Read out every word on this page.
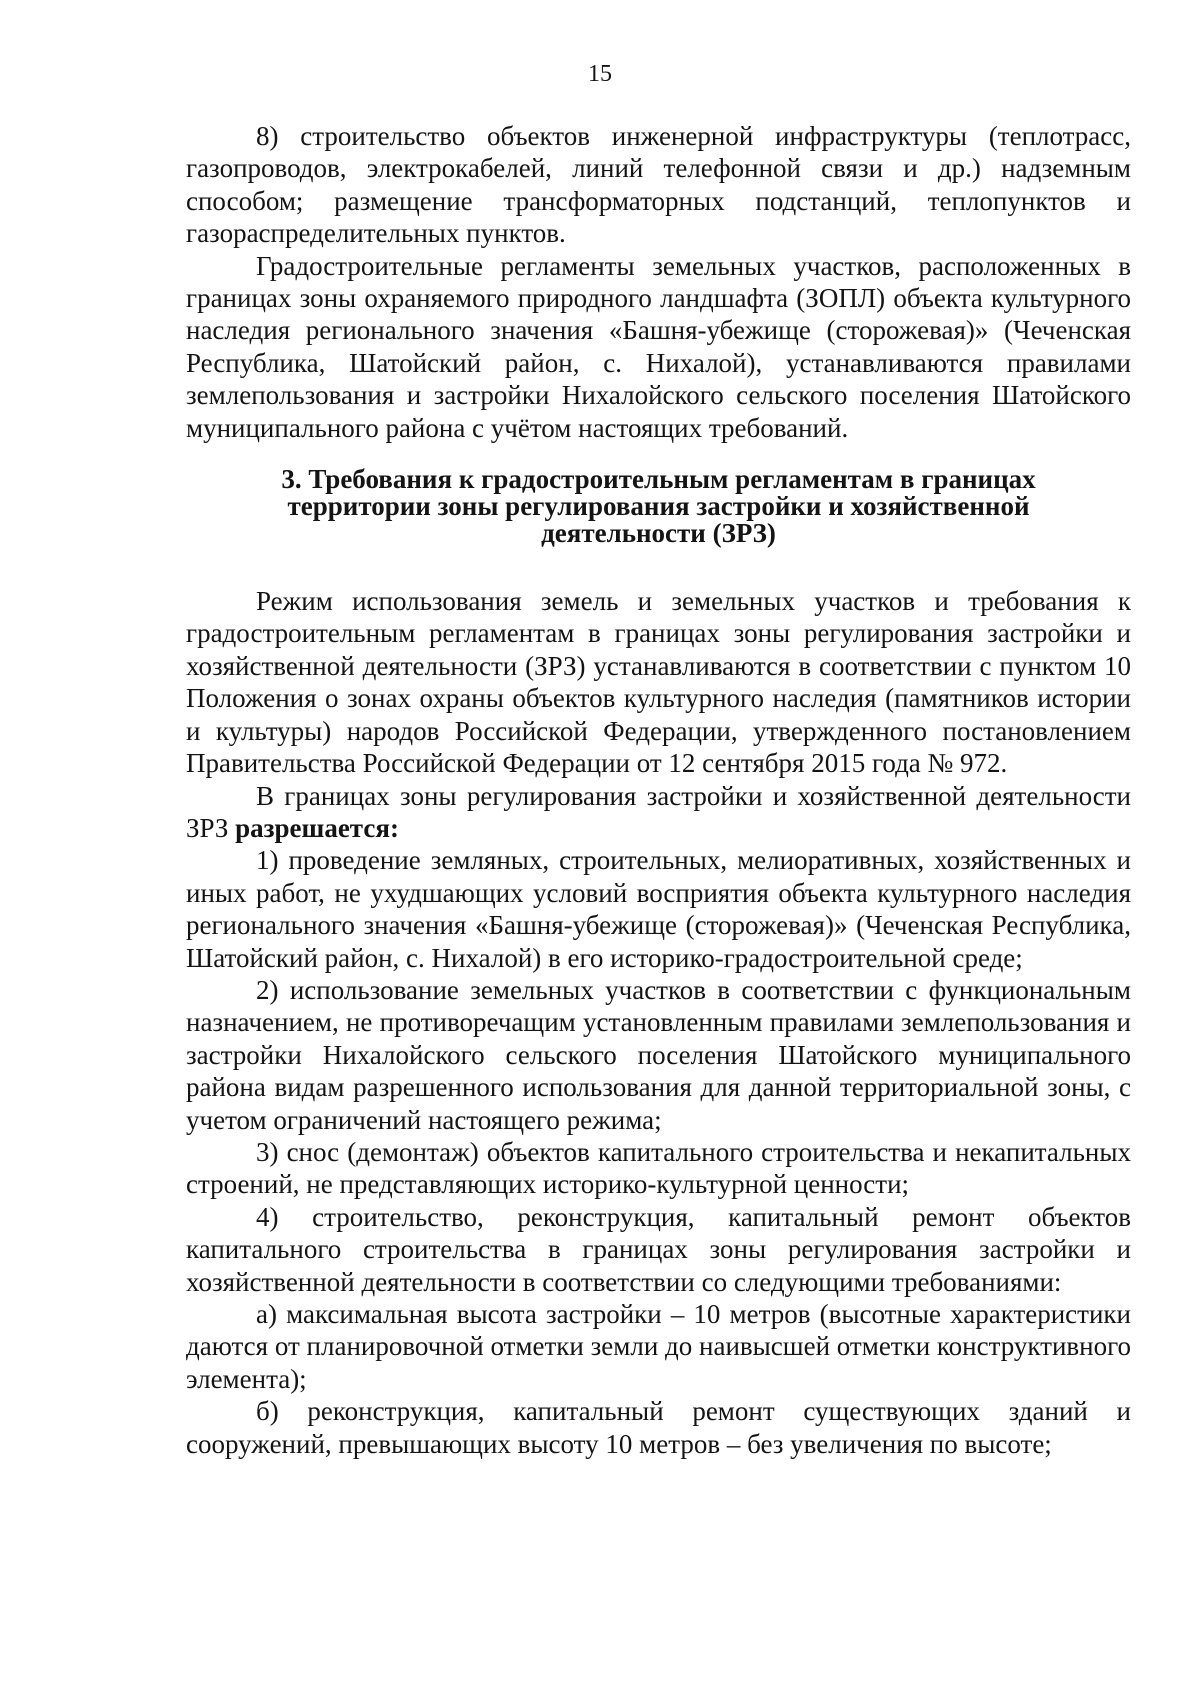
15

8) строительство объектов инженерной инфраструктуры (теплотрасс, газопроводов, электрокабелей, линий телефонной связи и др.) надземным способом; размещение трансформаторных подстанций, теплопунктов и газораспределительных пунктов.

Градостроительные регламенты земельных участков, расположенных в границах зоны охраняемого природного ландшафта (ЗОПЛ) объекта культурного наследия регионального значения «Башня-убежище (сторожевая)» (Чеченская Республика, Шатойский район, с. Нихалой), устанавливаются правилами землепользования и застройки Нихалойского сельского поселения Шатойского муниципального района с учётом настоящих требований.

3. Требования к градостроительным регламентам в границах
территории зоны регулирования застройки и хозяйственной
деятельности (ЗРЗ)

Режим использования земель и земельных участков и требования к градостроительным регламентам в границах зоны регулирования застройки и хозяйственной деятельности (ЗРЗ) устанавливаются в соответствии с пунктом 10 Положения о зонах охраны объектов культурного наследия (памятников истории и культуры) народов Российской Федерации, утвержденного постановлением Правительства Российской Федерации от 12 сентября 2015 года № 972.

В границах зоны регулирования застройки и хозяйственной деятельности ЗРЗ разрешается:

1) проведение земляных, строительных, мелиоративных, хозяйственных и иных работ, не ухудшающих условий восприятия объекта культурного наследия регионального значения «Башня-убежище (сторожевая)» (Чеченская Республика, Шатойский район, с. Нихалой) в его историко-градостроительной среде;

2) использование земельных участков в соответствии с функциональным назначением, не противоречащим установленным правилами землепользования и застройки Нихалойского сельского поселения Шатойского муниципального района видам разрешенного использования для данной территориальной зоны, с учетом ограничений настоящего режима;

3) снос (демонтаж) объектов капитального строительства и некапитальных строений, не представляющих историко-культурной ценности;

4) строительство, реконструкция, капитальный ремонт объектов капитального строительства в границах зоны регулирования застройки и хозяйственной деятельности в соответствии со следующими требованиями:

а) максимальная высота застройки – 10 метров (высотные характеристики даются от планировочной отметки земли до наивысшей отметки конструктивного элемента);

б) реконструкция, капитальный ремонт существующих зданий и сооружений, превышающих высоту 10 метров – без увеличения по высоте;
